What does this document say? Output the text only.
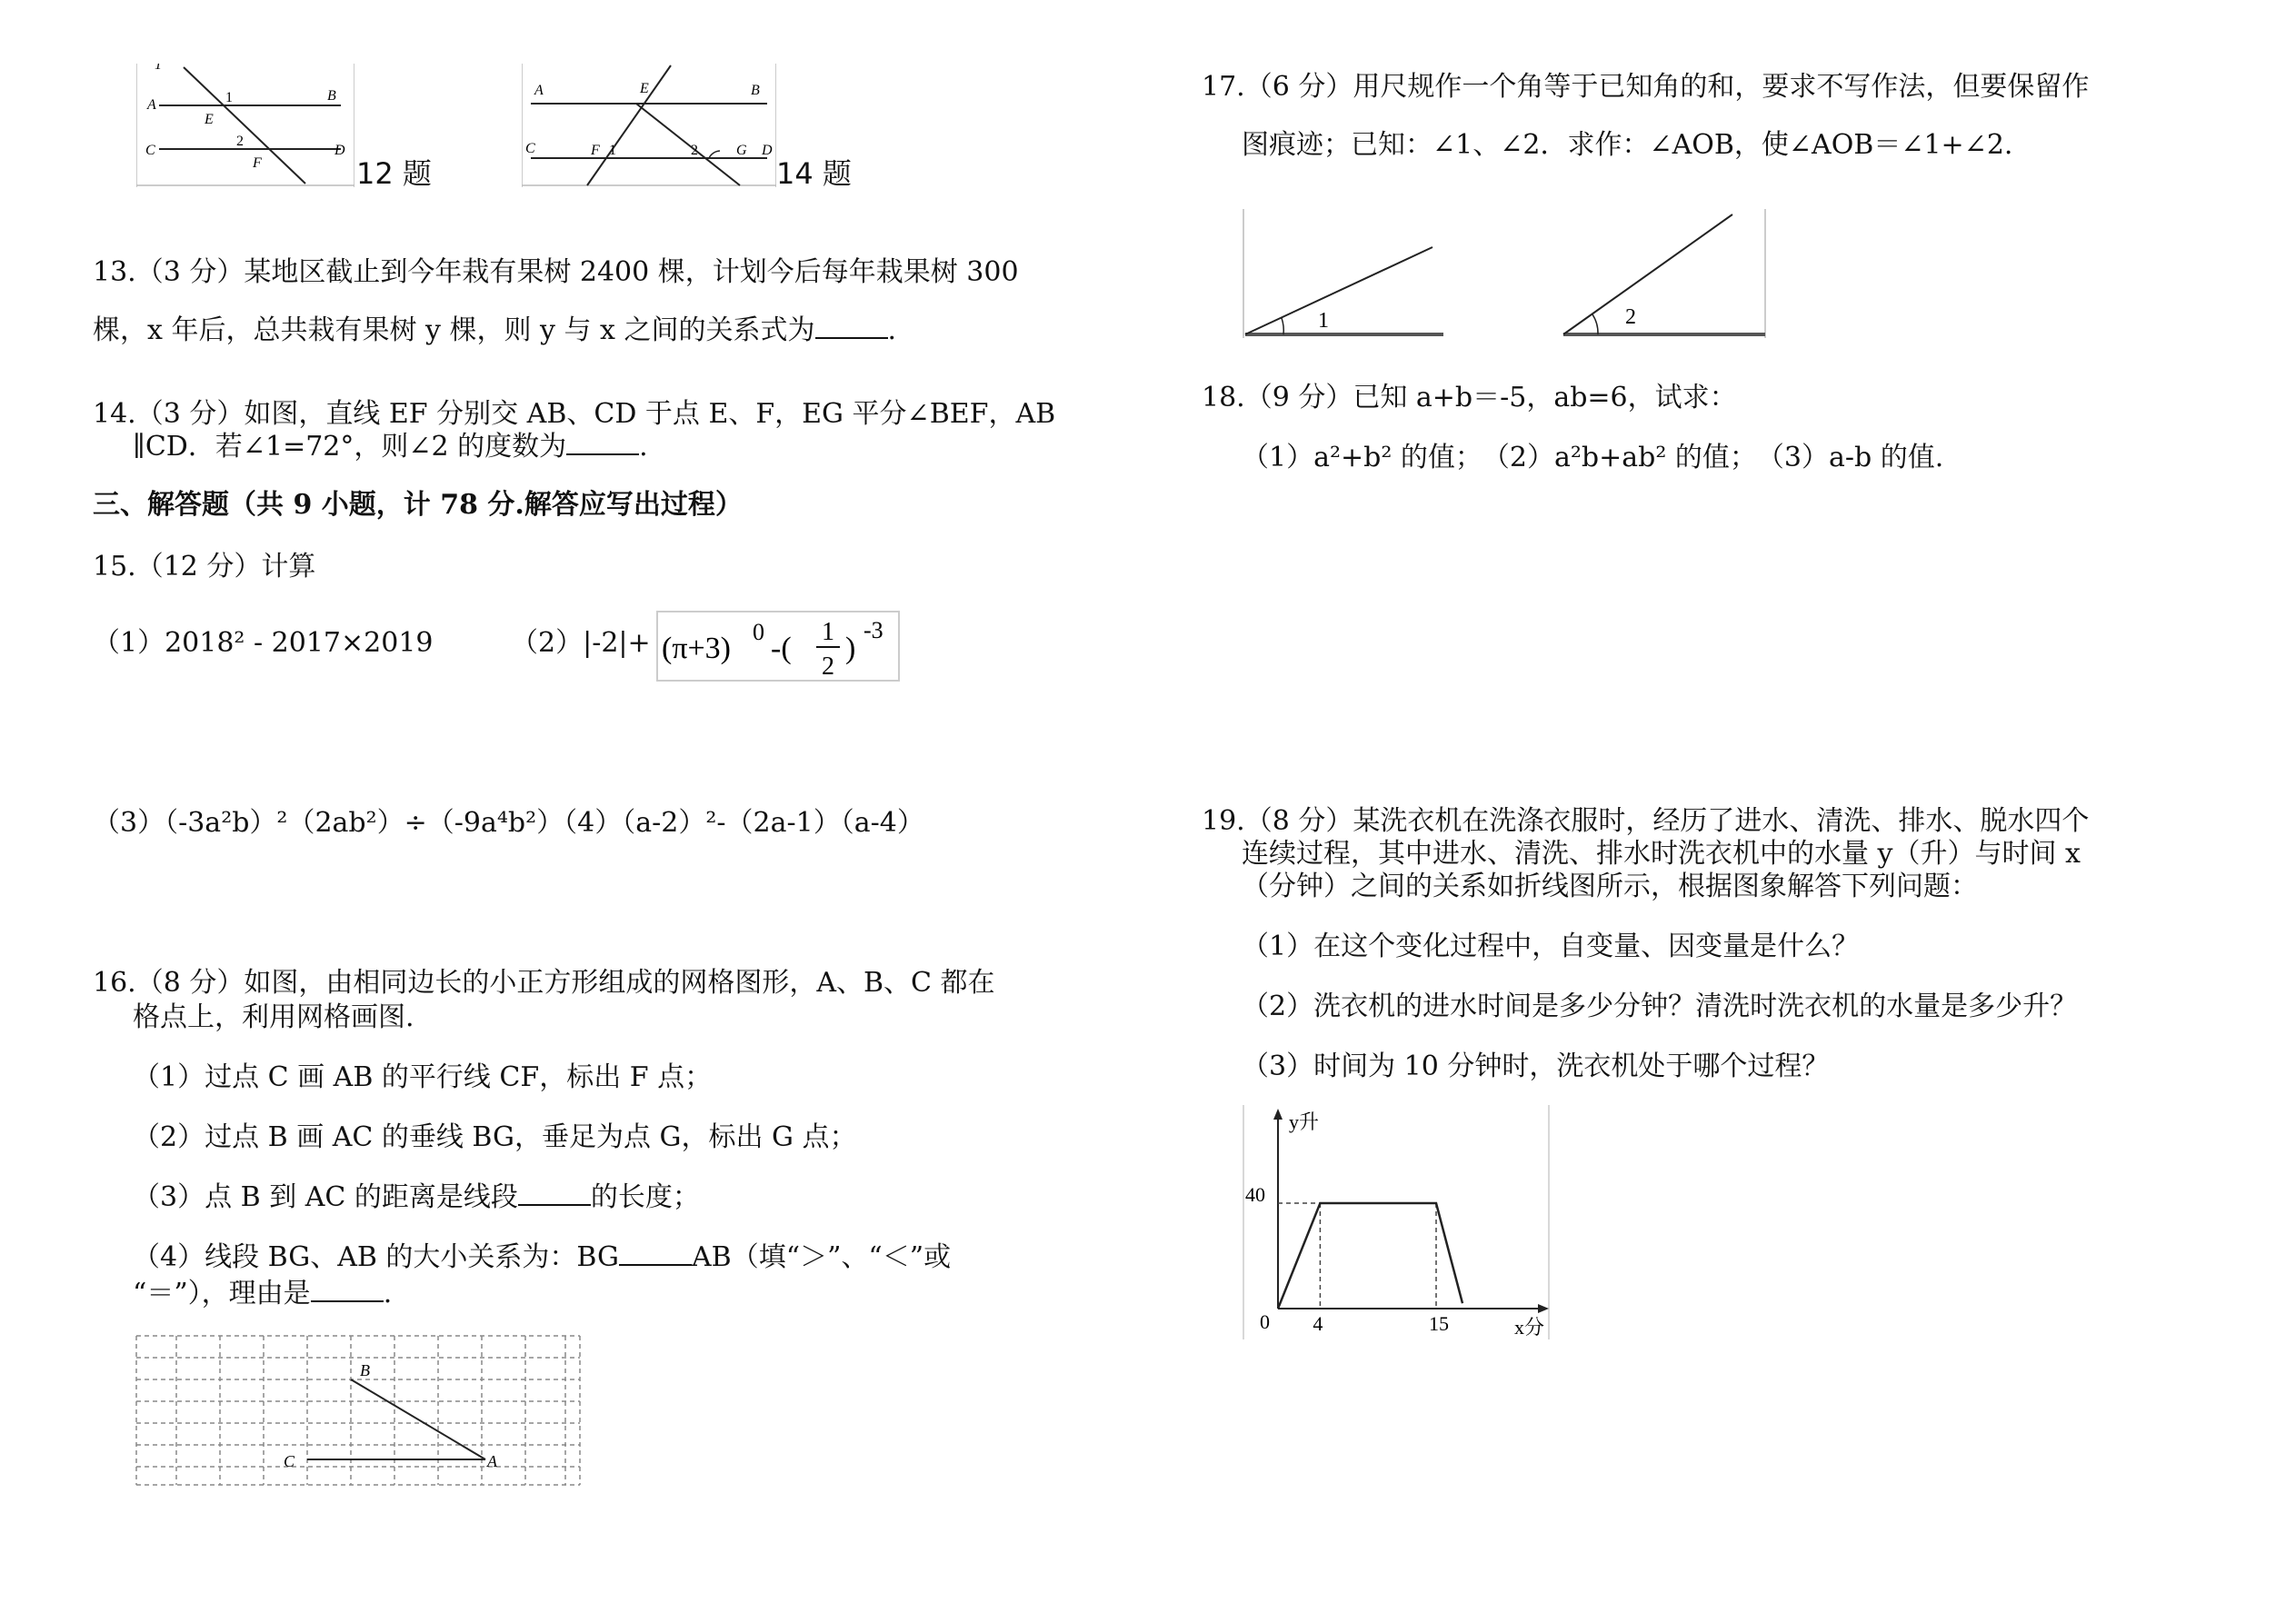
1
A
B
C	D
E
F
1
2
12 题
A	B
C	D
E
F	G
1	2
14 题
13.（3 分）某地区截止到今年栽有果树 2400 棵，计划今后每年栽果树 300
棵，x 年后，总共栽有果树 y 棵，则 y 与 x 之间的关系式为	.
14.（3 分）如图，直线 EF 分别交 AB、CD 于点 E、F，EG 平分∠BEF，AB
∥CD．若∠1=72°，则∠2 的度数为	.
三、解答题（共 9 小题，计 78 分.解答应写出过程）
15.（12 分）计算
（1）2018² - 2017×2019	（2）|-2|+ (π+3) 0 -( 1
2
)
-3
（3）（-3a²b）²（2ab²）÷（-9a⁴b²）（4）（a-2）²-（2a-1）（a-4）
16.（8 分）如图，由相同边长的小正方形组成的网格图形，A、B、C 都在
格点上，利用网格画图.
（1）过点 C 画 AB 的平行线 CF，标出 F 点；
（2）过点 B 画 AC 的垂线 BG，垂足为点 G，标出 G 点；
（3）点 B 到 AC 的距离是线段	的长度；
（4）线段 BG、AB 的大小关系为：BG	AB（填“＞”、“＜”或
“＝”），理由是	.
B
C	A
17.（6 分）用尺规作一个角等于已知角的和，要求不写作法，但要保留作
图痕迹；已知：∠1、∠2．求作：∠AOB，使∠AOB＝∠1+∠2.
1	2
18.（9 分）已知 a+b＝-5，ab=6，试求：
（1）a²+b² 的值；　（2）a²b+ab² 的值；　（3）a-b 的值.
19.（8 分）某洗衣机在洗涤衣服时，经历了进水、清洗、排水、脱水四个
连续过程，其中进水、清洗、排水时洗衣机中的水量 y（升）与时间 x
（分钟）之间的关系如折线图所示，根据图象解答下列问题：
（1）在这个变化过程中，自变量、因变量是什么？
（2）洗衣机的进水时间是多少分钟？清洗时洗衣机的水量是多少升？
（3）时间为 10 分钟时，洗衣机处于哪个过程？
y升
x分
40
0 4	15
